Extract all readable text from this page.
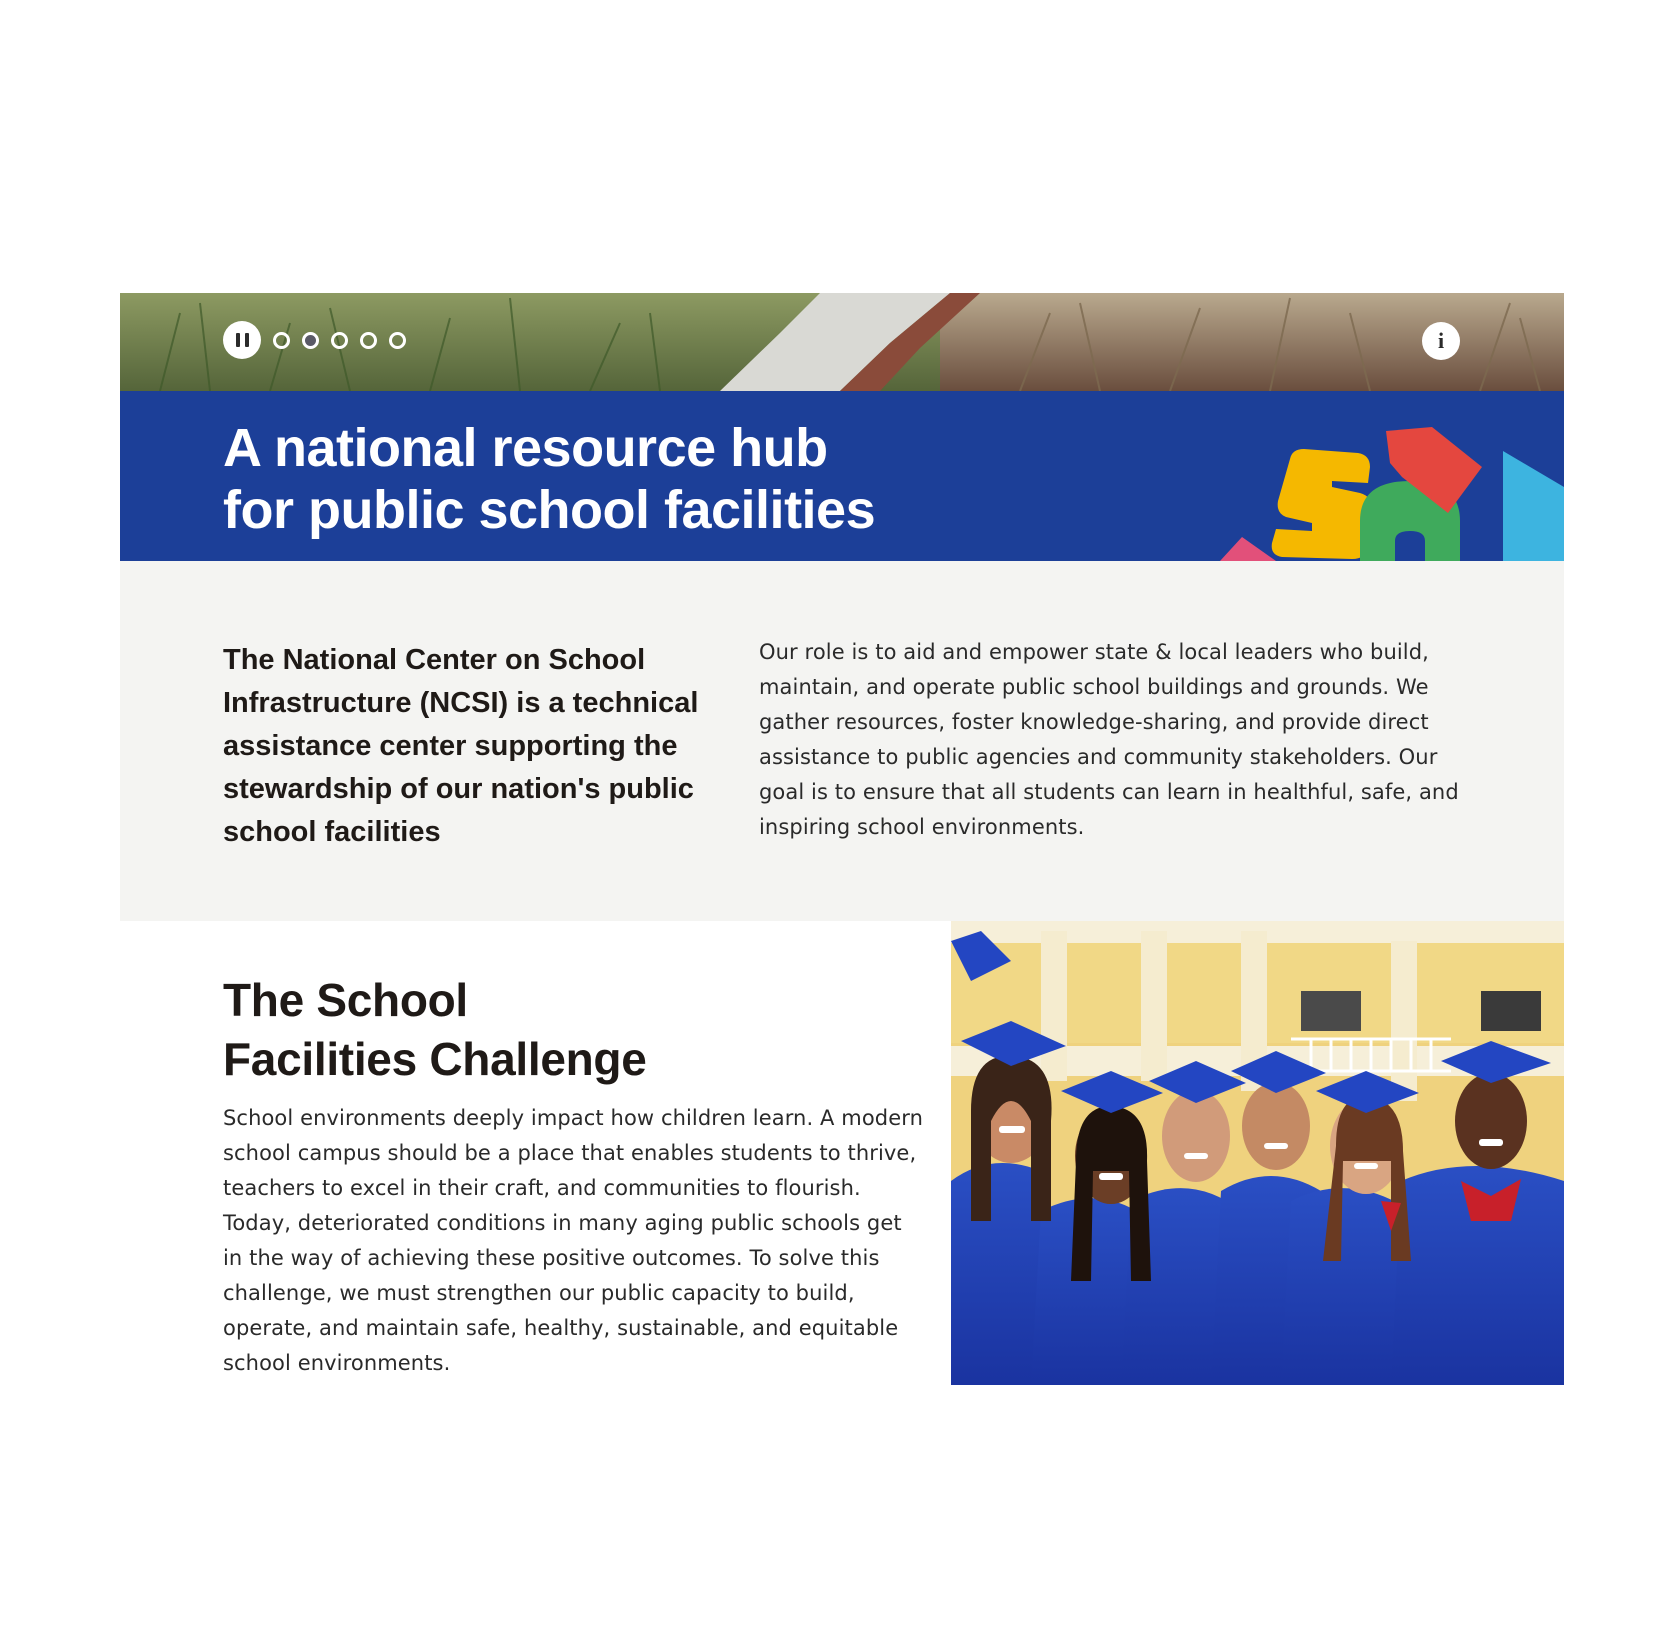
i
A national resource hub
for public school facilities

The National Center on School Infrastructure (NCSI) is a technical assistance center supporting the stewardship of our nation's public school facilities

Our role is to aid and empower state & local leaders who build, maintain, and operate public school buildings and grounds. We gather resources, foster knowledge-sharing, and provide direct assistance to public agencies and community stakeholders. Our goal is to ensure that all students can learn in healthful, safe, and inspiring school environments.

The School
Facilities Challenge

School environments deeply impact how children learn. A modern school campus should be a place that enables students to thrive, teachers to excel in their craft, and communities to flourish. Today, deteriorated conditions in many aging public schools get in the way of achieving these positive outcomes. To solve this challenge, we must strengthen our public capacity to build, operate, and maintain safe, healthy, sustainable, and equitable school environments.
